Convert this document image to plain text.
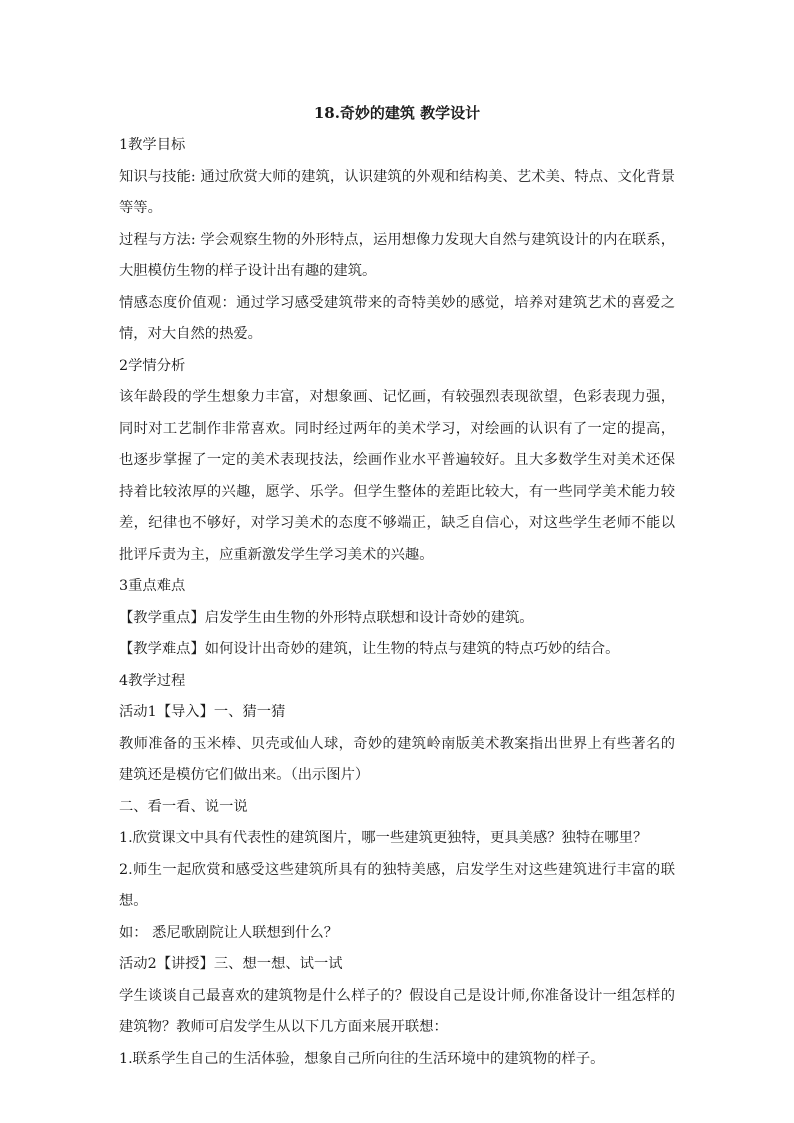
18.奇妙的建筑 教学设计

1教学目标

知识与技能: 通过欣赏大师的建筑，认识建筑的外观和结构美、艺术美、特点、文化背景等等。

过程与方法: 学会观察生物的外形特点，运用想像力发现大自然与建筑设计的内在联系，大胆模仿生物的样子设计出有趣的建筑。

情感态度价值观：通过学习感受建筑带来的奇特美妙的感觉，培养对建筑艺术的喜爱之情，对大自然的热爱。

2学情分析

该年龄段的学生想象力丰富，对想象画、记忆画，有较强烈表现欲望，色彩表现力强，同时对工艺制作非常喜欢。同时经过两年的美术学习，对绘画的认识有了一定的提高，也逐步掌握了一定的美术表现技法，绘画作业水平普遍较好。且大多数学生对美术还保持着比较浓厚的兴趣，愿学、乐学。但学生整体的差距比较大，有一些同学美术能力较差，纪律也不够好，对学习美术的态度不够端正，缺乏自信心，对这些学生老师不能以批评斥责为主，应重新激发学生学习美术的兴趣。

3重点难点

【教学重点】启发学生由生物的外形特点联想和设计奇妙的建筑。

【教学难点】如何设计出奇妙的建筑，让生物的特点与建筑的特点巧妙的结合。

4教学过程

活动1【导入】一、猜一猜

教师准备的玉米棒、贝壳或仙人球，奇妙的建筑岭南版美术教案指出世界上有些著名的建筑还是模仿它们做出来。（出示图片）

二、看一看、说一说

1.欣赏课文中具有代表性的建筑图片，哪一些建筑更独特，更具美感？独特在哪里？

2.师生一起欣赏和感受这些建筑所具有的独特美感，启发学生对这些建筑进行丰富的联想。

如： 悉尼歌剧院让人联想到什么？

活动2【讲授】三、想一想、试一试

学生谈谈自己最喜欢的建筑物是什么样子的？假设自己是设计师,你准备设计一组怎样的建筑物？教师可启发学生从以下几方面来展开联想：

1.联系学生自己的生活体验，想象自己所向往的生活环境中的建筑物的样子。
